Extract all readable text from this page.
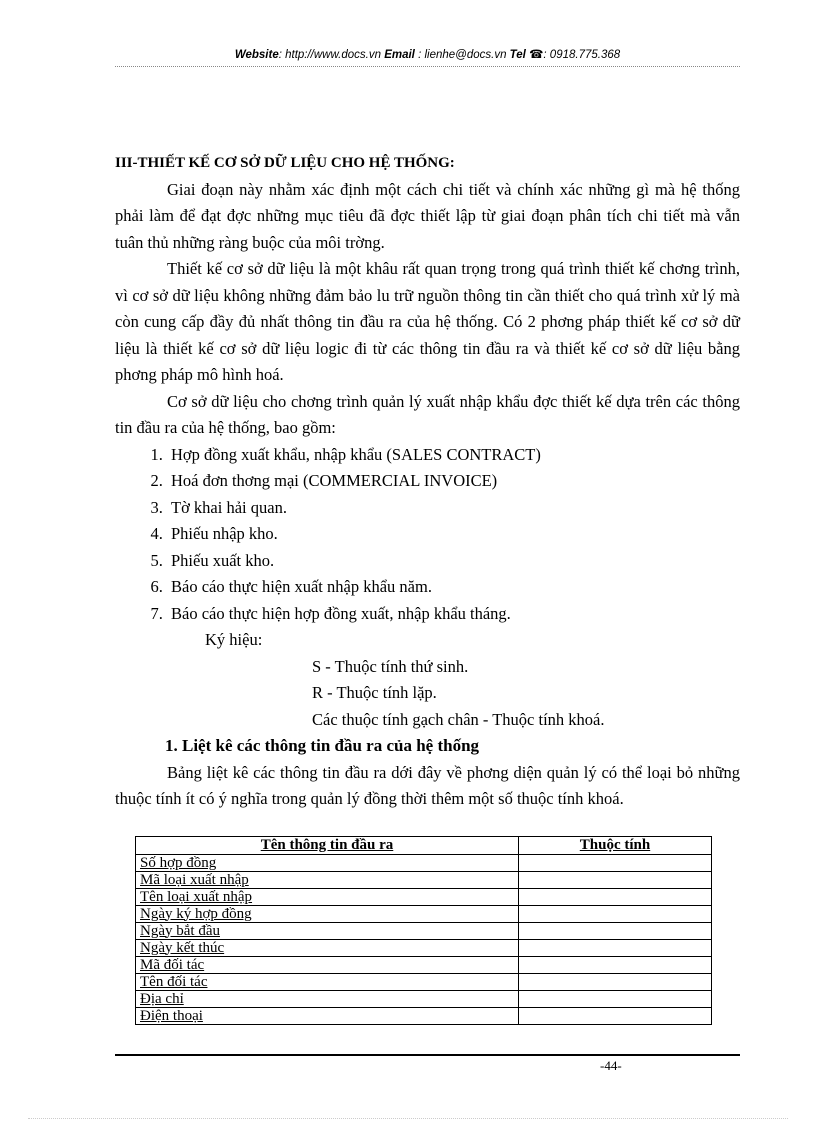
Website: http://www.docs.vn Email : lienhe@docs.vn Tel ☎: 0918.775.368

III-THIẾT KẾ CƠ SỞ DỮ LIỆU CHO HỆ THỐNG:

Giai đoạn này nhằm xác định một cách chi tiết và chính xác những gì mà hệ thống phải làm để đạt đợc những mục tiêu đã đợc thiết lập từ giai đoạn phân tích chi tiết mà vẫn tuân thủ những ràng buộc của môi trờng.

Thiết kế cơ sở dữ liệu là một khâu rất quan trọng trong quá trình thiết kế chơng trình, vì cơ sở dữ liệu không những đảm bảo lu trữ nguồn thông tin cần thiết cho quá trình xử lý mà còn cung cấp đầy đủ nhất thông tin đầu ra của hệ thống. Có 2 phơng pháp thiết kế cơ sở dữ liệu là thiết kế cơ sở dữ liệu logic đi từ các thông tin đầu ra và thiết kế cơ sở dữ liệu bằng phơng pháp mô hình hoá.

Cơ sở dữ liệu cho chơng trình quản lý xuất nhập khẩu đợc thiết kế dựa trên các thông tin đầu ra của hệ thống, bao gồm:

1. Hợp đồng xuất khẩu, nhập khẩu (SALES CONTRACT)
2. Hoá đơn thơng mại (COMMERCIAL INVOICE)
3. Tờ khai hải quan.
4. Phiếu nhập kho.
5. Phiếu xuất kho.
6. Báo cáo thực hiện xuất nhập khẩu năm.
7. Báo cáo thực hiện hợp đồng xuất, nhập khẩu tháng.
Ký hiệu:
S - Thuộc tính thứ sinh.
R - Thuộc tính lặp.
Các thuộc tính gạch chân - Thuộc tính khoá.
1. Liệt kê các thông tin đầu ra của hệ thống

Bảng liệt kê các thông tin đầu ra dới đây về phơng diện quản lý có thể loại bỏ những thuộc tính ít có ý nghĩa trong quản lý đồng thời thêm một số thuộc tính khoá.

Tên thông tin đầu ra	Thuộc tính
Số hợp đồng	
Mã loại xuất nhập	
Tên loại xuất nhập	
Ngày ký hợp đồng	
Ngày bắt đầu	
Ngày kết thúc	
Mã đối tác	
Tên đối tác	
Địa chỉ	
Điện thoại	
-44-
